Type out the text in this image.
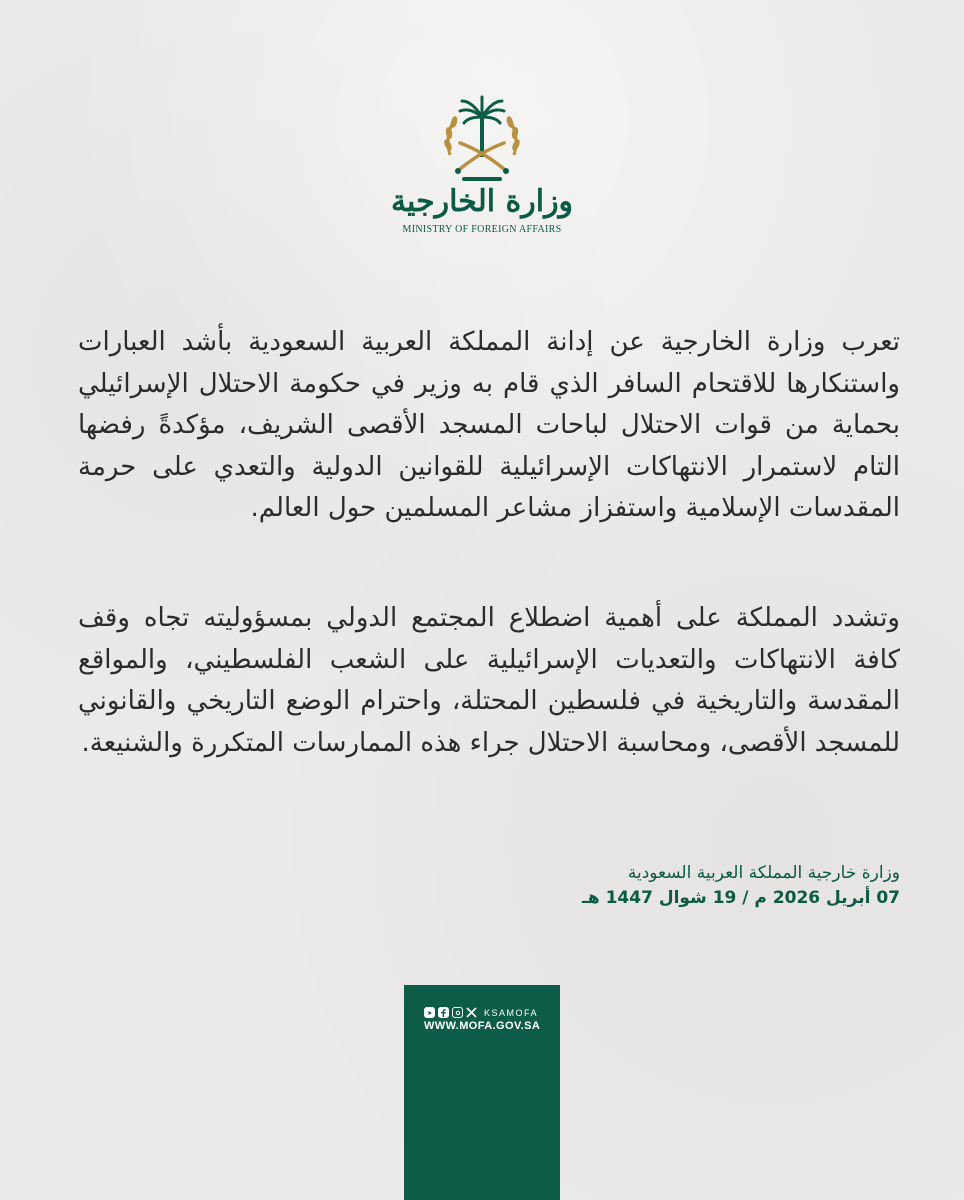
وزارة الخارجية
MINISTRY OF FOREIGN AFFAIRS
تعرب وزارة الخارجية عن إدانة المملكة العربية السعودية بأشد العبارات واستنكارها للاقتحام السافر الذي قام به وزير في حكومة الاحتلال الإسرائيلي بحماية من قوات الاحتلال لباحات المسجد الأقصى الشريف، مؤكدةً رفضها التام لاستمرار الانتهاكات الإسرائيلية للقوانين الدولية والتعدي على حرمة المقدسات الإسلامية واستفزاز مشاعر المسلمين حول العالم.
وتشدد المملكة على أهمية اضطلاع المجتمع الدولي بمسؤوليته تجاه وقف كافة الانتهاكات والتعديات الإسرائيلية على الشعب الفلسطيني، والمواقع المقدسة والتاريخية في فلسطين المحتلة، واحترام الوضع التاريخي والقانوني للمسجد الأقصى، ومحاسبة الاحتلال جراء هذه الممارسات المتكررة والشنيعة.
وزارة خارجية المملكة العربية السعودية
07 أبريل 2026 م / 19 شوال 1447 هـ
KSAMOFA
WWW.MOFA.GOV.SA
